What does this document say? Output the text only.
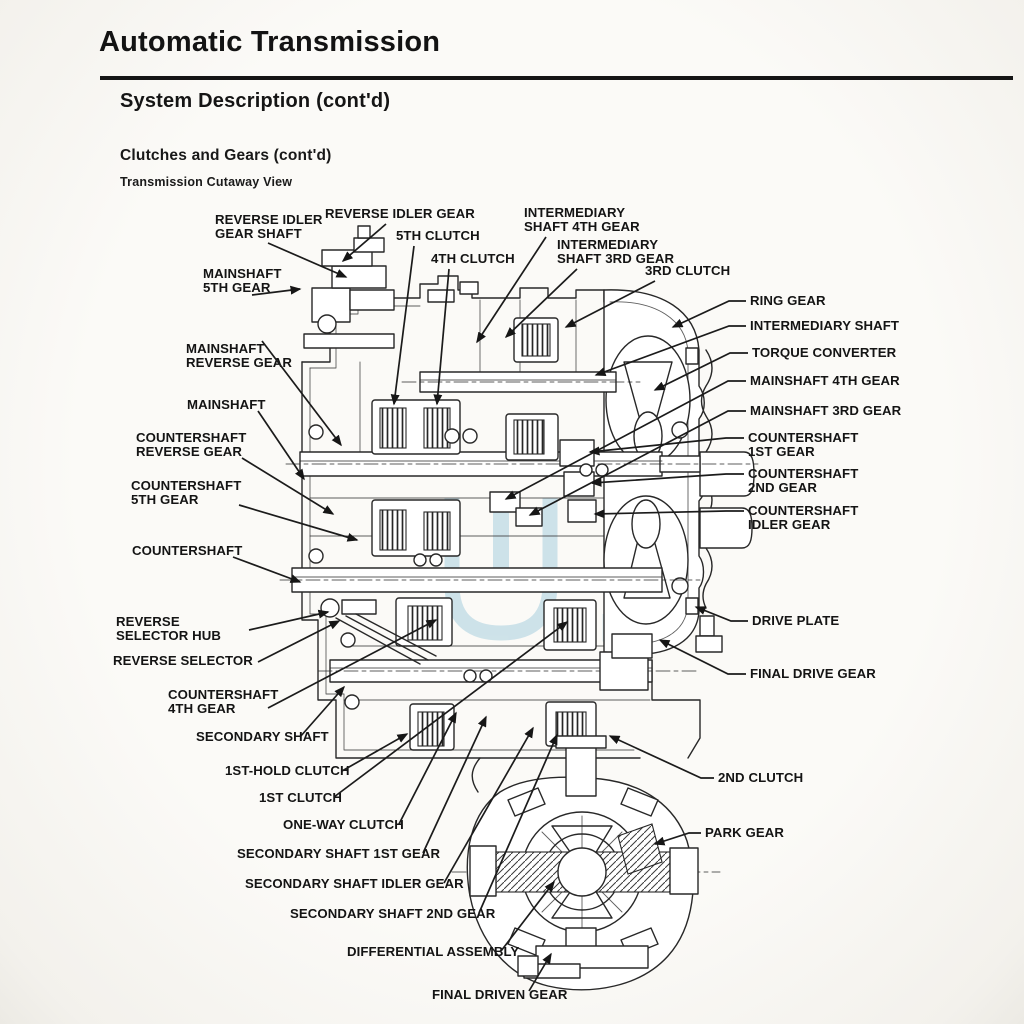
Automatic Transmission
System Description (cont'd)
Clutches and Gears (cont'd)
Transmission Cutaway View
REVERSE IDLER
GEAR SHAFT
REVERSE IDLER GEAR
5TH CLUTCH
4TH CLUTCH
INTERMEDIARY
SHAFT 4TH GEAR
INTERMEDIARY
SHAFT 3RD GEAR
3RD CLUTCH
MAINSHAFT
5TH GEAR
RING GEAR
INTERMEDIARY SHAFT
TORQUE CONVERTER
MAINSHAFT 4TH GEAR
MAINSHAFT
REVERSE GEAR
MAINSHAFT 3RD GEAR
MAINSHAFT
COUNTERSHAFT
1ST GEAR
COUNTERSHAFT
REVERSE GEAR
COUNTERSHAFT
2ND GEAR
COUNTERSHAFT
5TH GEAR
COUNTERSHAFT
IDLER GEAR
COUNTERSHAFT
DRIVE PLATE
REVERSE
SELECTOR HUB
FINAL DRIVE GEAR
REVERSE SELECTOR
COUNTERSHAFT
4TH GEAR
SECONDARY SHAFT
1ST-HOLD CLUTCH
1ST CLUTCH
2ND CLUTCH
ONE-WAY CLUTCH
SECONDARY SHAFT 1ST GEAR
PARK GEAR
SECONDARY SHAFT IDLER GEAR
SECONDARY SHAFT 2ND GEAR
DIFFERENTIAL ASSEMBLY
FINAL DRIVEN GEAR
